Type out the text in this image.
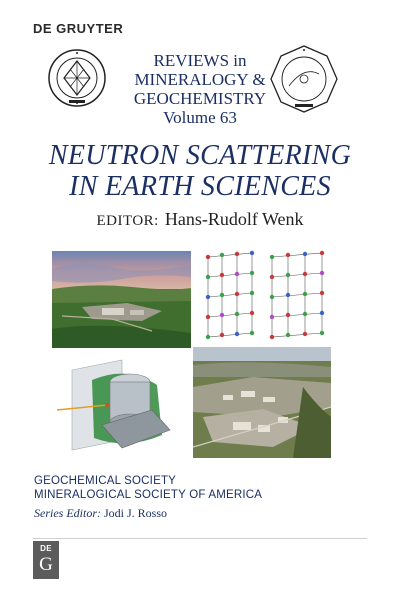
DE GRUYTER
REVIEWS in
MINERALOGY &
GEOCHEMISTRY
Volume 63
NEUTRON SCATTERING
IN EARTH SCIENCES
EDITOR: Hans-Rudolf Wenk
GEOCHEMICAL SOCIETY
MINERALOGICAL SOCIETY OF AMERICA
Series Editor: Jodi J. Rosso
DE
G
